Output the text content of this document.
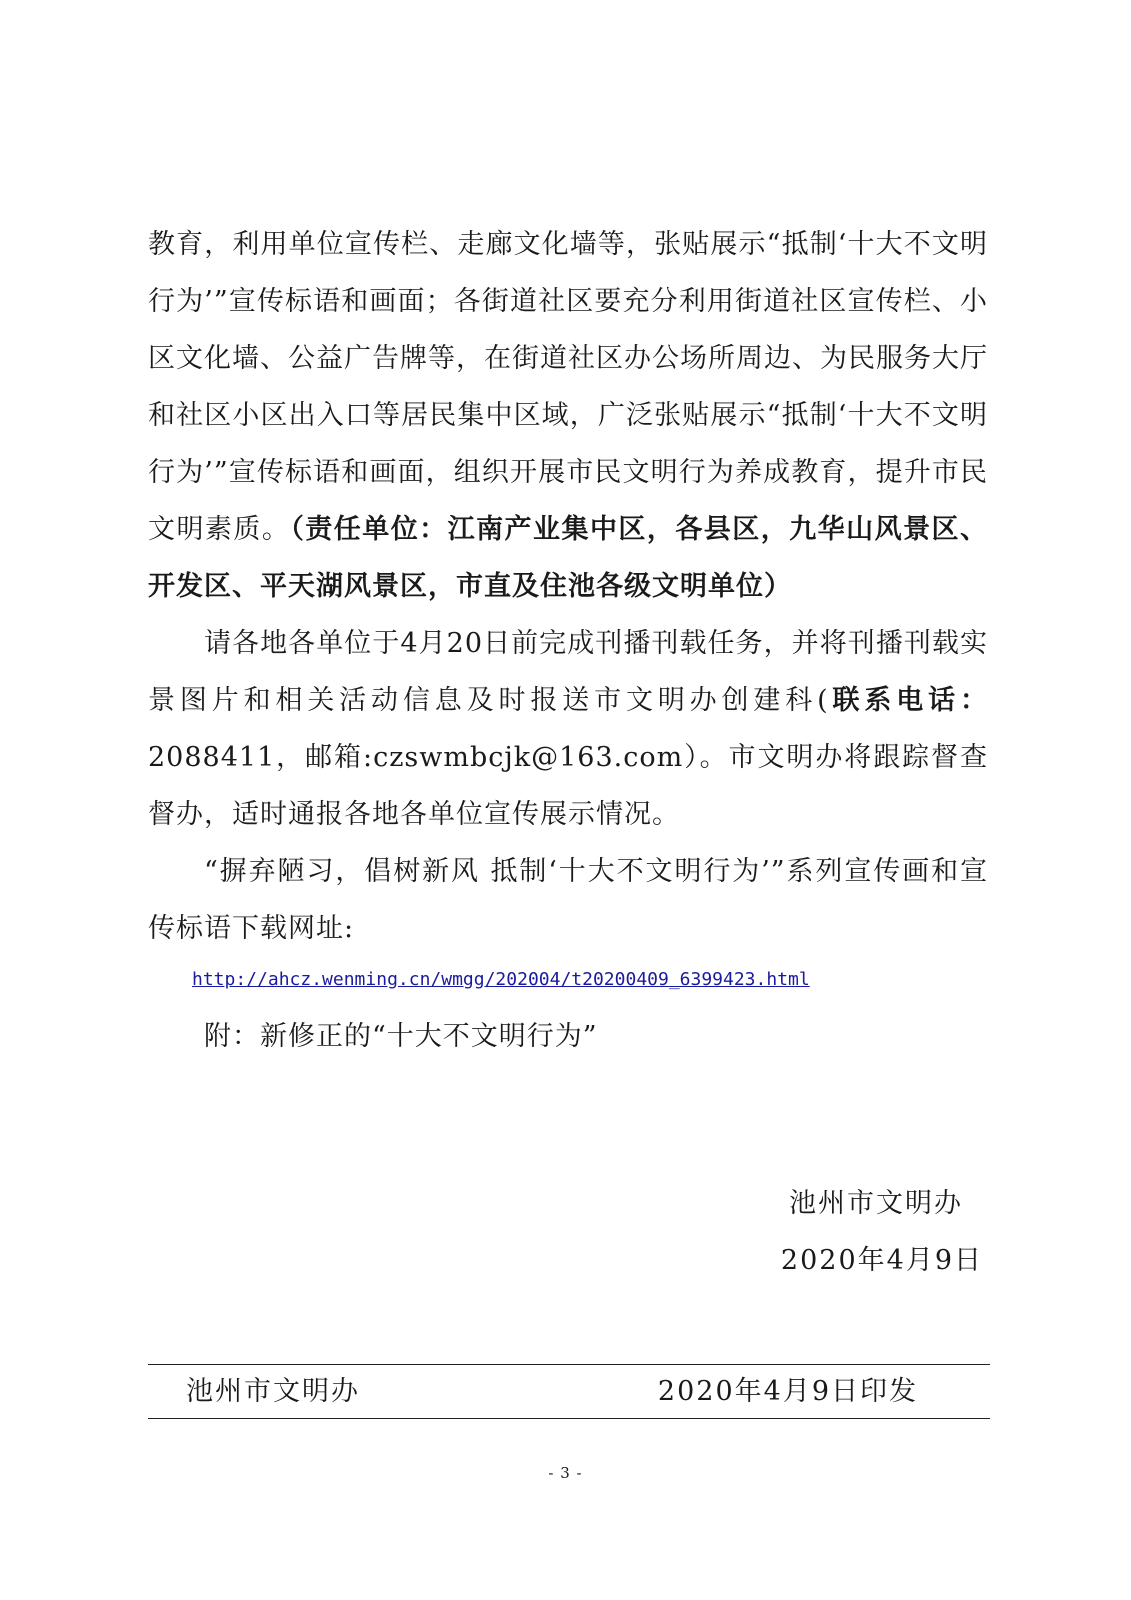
教育，利用单位宣传栏、走廊文化墙等，张贴展示“抵制‘十大不文明行为’”宣传标语和画面；各街道社区要充分利用街道社区宣传栏、小区文化墙、公益广告牌等，在街道社区办公场所周边、为民服务大厅和社区小区出入口等居民集中区域，广泛张贴展示“抵制‘十大不文明行为’”宣传标语和画面，组织开展市民文明行为养成教育，提升市民文明素质。（责任单位：江南产业集中区，各县区，九华山风景区、开发区、平天湖风景区，市直及住池各级文明单位）

请各地各单位于4月20日前完成刊播刊载任务，并将刊播刊载实景图片和相关活动信息及时报送市文明办创建科(联系电话：2088411，邮箱:czswmbcjk@163.com）。市文明办将跟踪督查督办，适时通报各地各单位宣传展示情况。

“摒弃陋习，倡树新风 抵制‘十大不文明行为’”系列宣传画和宣传标语下载网址:

http://ahcz.wenming.cn/wmgg/202004/t20200409_6399423.html

附：新修正的“十大不文明行为”

池州市文明办

2020年4月9日

池州市文明办	2020年4月9日印发
- 3 -
